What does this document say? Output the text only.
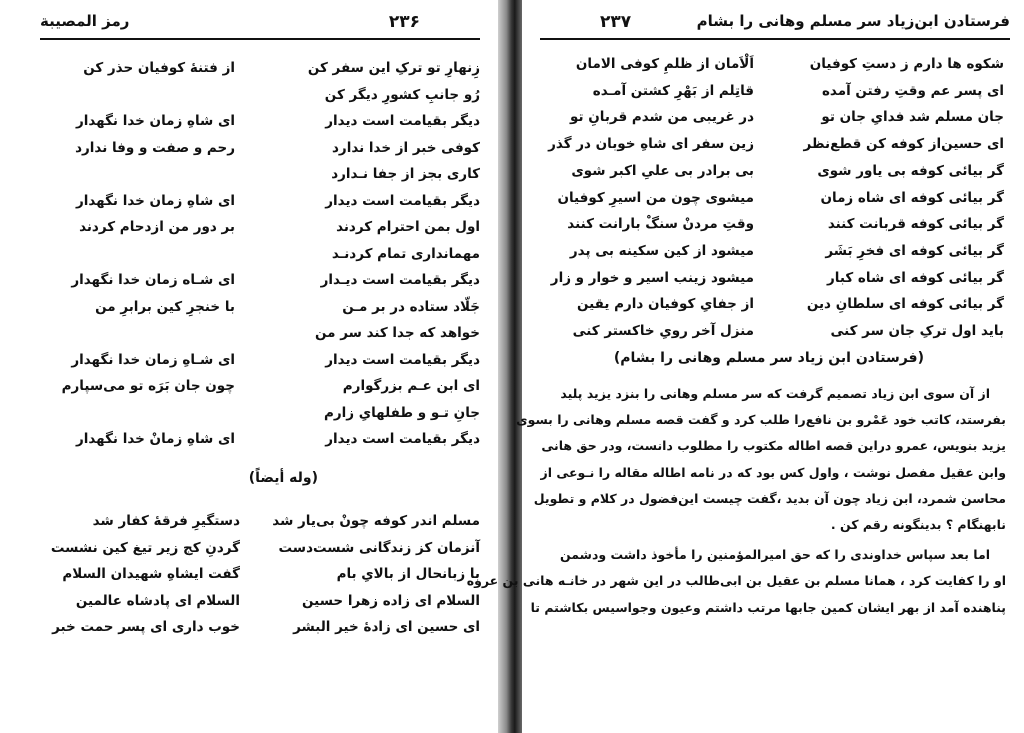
رمز المصیبة	۲۳۶
زِنهارِ تو ترکِ این سفر کن
از فتنهٔ کوفیان حذر کن
رُو جانبِ کشورِ دیگر کن
دیگر بقیامت است دیدار
ای شاهِ زمان خدا نگهدار
کوفی خبر از خدا ندارد
رحم و صفت و وفا ندارد
کاری بجز از جفا نـدارد
دیگر بقیامت است دیدار
ای شاهِ زمان خدا نگهدار
اول بمن احترام کردند
بر دور من ازدحام کردند
مهمانداری تمام کردنـد
دیگر بقیامت است دیـدار
ای شـاه زمان خدا نگهدار
جَلّاد ستاده در بر مـن
با خنجرِ کین برابرِ من
خواهد که جدا کند سر من
دیگر بقیامت است دیدار
ای شـاهِ زمان خدا نگهدار
ای ابن عـم بزرگوارم
چون جان بَرَه تو می‌سپارم
جانِ تـو و طفلهایِ زارم
دیگر بقیامت است دیدار
ای شاهِ زمانْ خدا نگهدار
(وله أیضاً)
مسلم اندر کوفه چونْ بی‌یار شد
دستگیرِ فرقهٔ کفار شد
آنزمان کز زندگانی شست‌دست
گردنِ کج زیر تیغ کین نشست
با زبانحال از بالایِ بام
گفت ایشاهِ شهیدان السلام
السلام ای زاده زهرا حسین
السلام ای پادشاه عالمین
ای حسین ای زادهٔ خیر البشر
خوب داری ای پسر حمت خبر
فرستادن ابن‌زیاد سر مسلم وهانی را بشام
۲۳۷
شکوه ها دارم ز دستِ کوفیان
اَلْاَمان از ظلمِ کوفی الامان
ای پسر عم وقتِ رفتن آمده
قاتِلم از بَهْرِ کشتن آمـده
جان مسلم شد فدایِ جان تو
در غریبی من شدم قربانِ تو
ای حسین‌از کوفه کن قطع‌نظر
زین سفر ای شاهِ خوبان در گذر
گر بیائی کوفه بی یاور شوی
بی برادر بی علیِ اکبر شوی
گر بیائی کوفه ای شاه زمان
میشوی چون من اسیرِ کوفیان
گر بیائی کوفه قربانت کنند
وقتِ مردنْ سنگْ بارانت کنند
گر بیائی کوفه ای فخرِ بَشَر
میشود از کین سکینه بی پدر
گر بیائی کوفه ای شاه کبار
میشود زینب اسیر و خوار و زار
گر بیائی کوفه ای سلطانِ دین
از جفایِ کوفیان دارم یقین
باید اول ترکِ جان سر کنی
منزل آخر رویِ خاکستر کنی
(فرستادن ابن زیاد سر مسلم وهانی را بشام)
از آن سوی ابن زیاد تصمیم گرفت که سر مسلم وهانی را بنزد یزید پلید
بفرستد، کاتب خود عَمْرو بن نافع‌را طلب کرد و گفت قصه مسلم وهانی را بسوی
یزید بنویس، عمرو دراین قصه اطاله مکتوب را مطلوب دانست، ودر حق هانی
وابن عقیل مفصل نوشت ، واول کس بود که در نامه اطاله مقاله را نـوعی از
محاسن شمرد، ابن زیاد چون آن بدید ،گفت چیست این‌فضول در کلام و تطویل
نابهنگام ؟ بدینگونه رقم کن .
اما بعد سپاس خداوندی را که حق امیرالمؤمنین را مأخوذ داشت ودشمن
او را کفایت کرد ، همانا مسلم بن عقیل بن ابی‌طالب در این شهر در خانـه هانی بن عروه
پناهنده آمد از بهر ایشان کمین جابها مرتب داشتم وعیون وجواسیس بکاشتم تا
